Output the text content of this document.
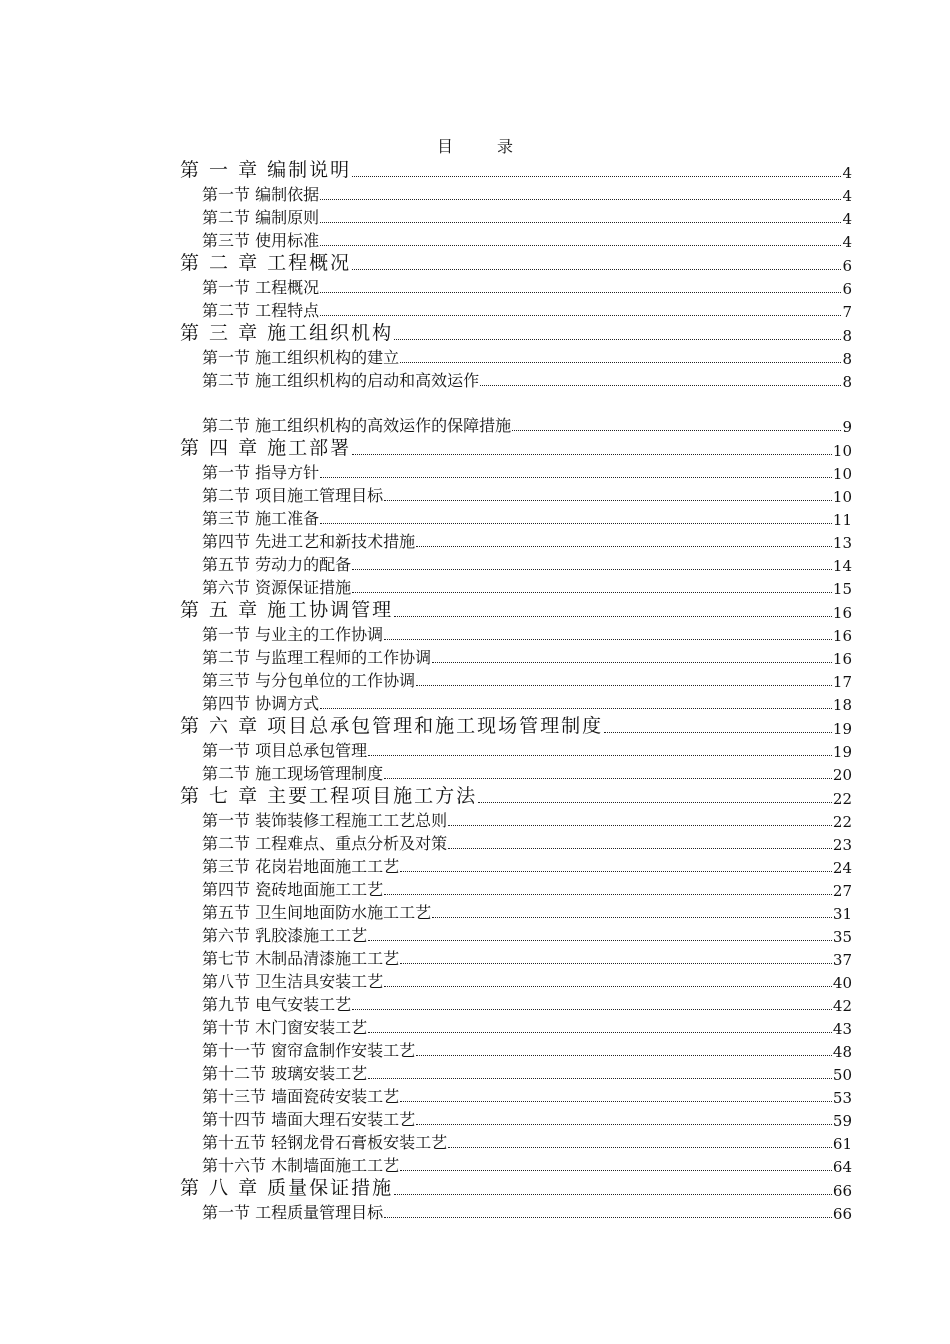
目　录
第 一 章 编制说明	4
第一节 编制依据	4
第二节 编制原则	4
第三节 使用标准	4
第 二 章 工程概况	6
第一节 工程概况	6
第二节 工程特点	7
第 三 章 施工组织机构	8
第一节 施工组织机构的建立	8
第二节 施工组织机构的启动和高效运作	8
第二节 施工组织机构的高效运作的保障措施	9
第 四 章 施工部署	10
第一节 指导方针	10
第二节 项目施工管理目标	10
第三节 施工准备	11
第四节 先进工艺和新技术措施	13
第五节 劳动力的配备	14
第六节 资源保证措施	15
第 五 章 施工协调管理	16
第一节 与业主的工作协调	16
第二节 与监理工程师的工作协调	16
第三节 与分包单位的工作协调	17
第四节 协调方式	18
第 六 章 项目总承包管理和施工现场管理制度	19
第一节 项目总承包管理	19
第二节 施工现场管理制度	20
第 七 章 主要工程项目施工方法	22
第一节 装饰装修工程施工工艺总则	22
第二节 工程难点、重点分析及对策	23
第三节 花岗岩地面施工工艺	24
第四节 瓷砖地面施工工艺	27
第五节 卫生间地面防水施工工艺	31
第六节 乳胶漆施工工艺	35
第七节 木制品清漆施工工艺	37
第八节 卫生洁具安装工艺	40
第九节 电气安装工艺	42
第十节 木门窗安装工艺	43
第十一节 窗帘盒制作安装工艺	48
第十二节 玻璃安装工艺	50
第十三节 墙面瓷砖安装工艺	53
第十四节 墙面大理石安装工艺	59
第十五节 轻钢龙骨石膏板安装工艺	61
第十六节 木制墙面施工工艺	64
第 八 章 质量保证措施	66
第一节 工程质量管理目标	66
